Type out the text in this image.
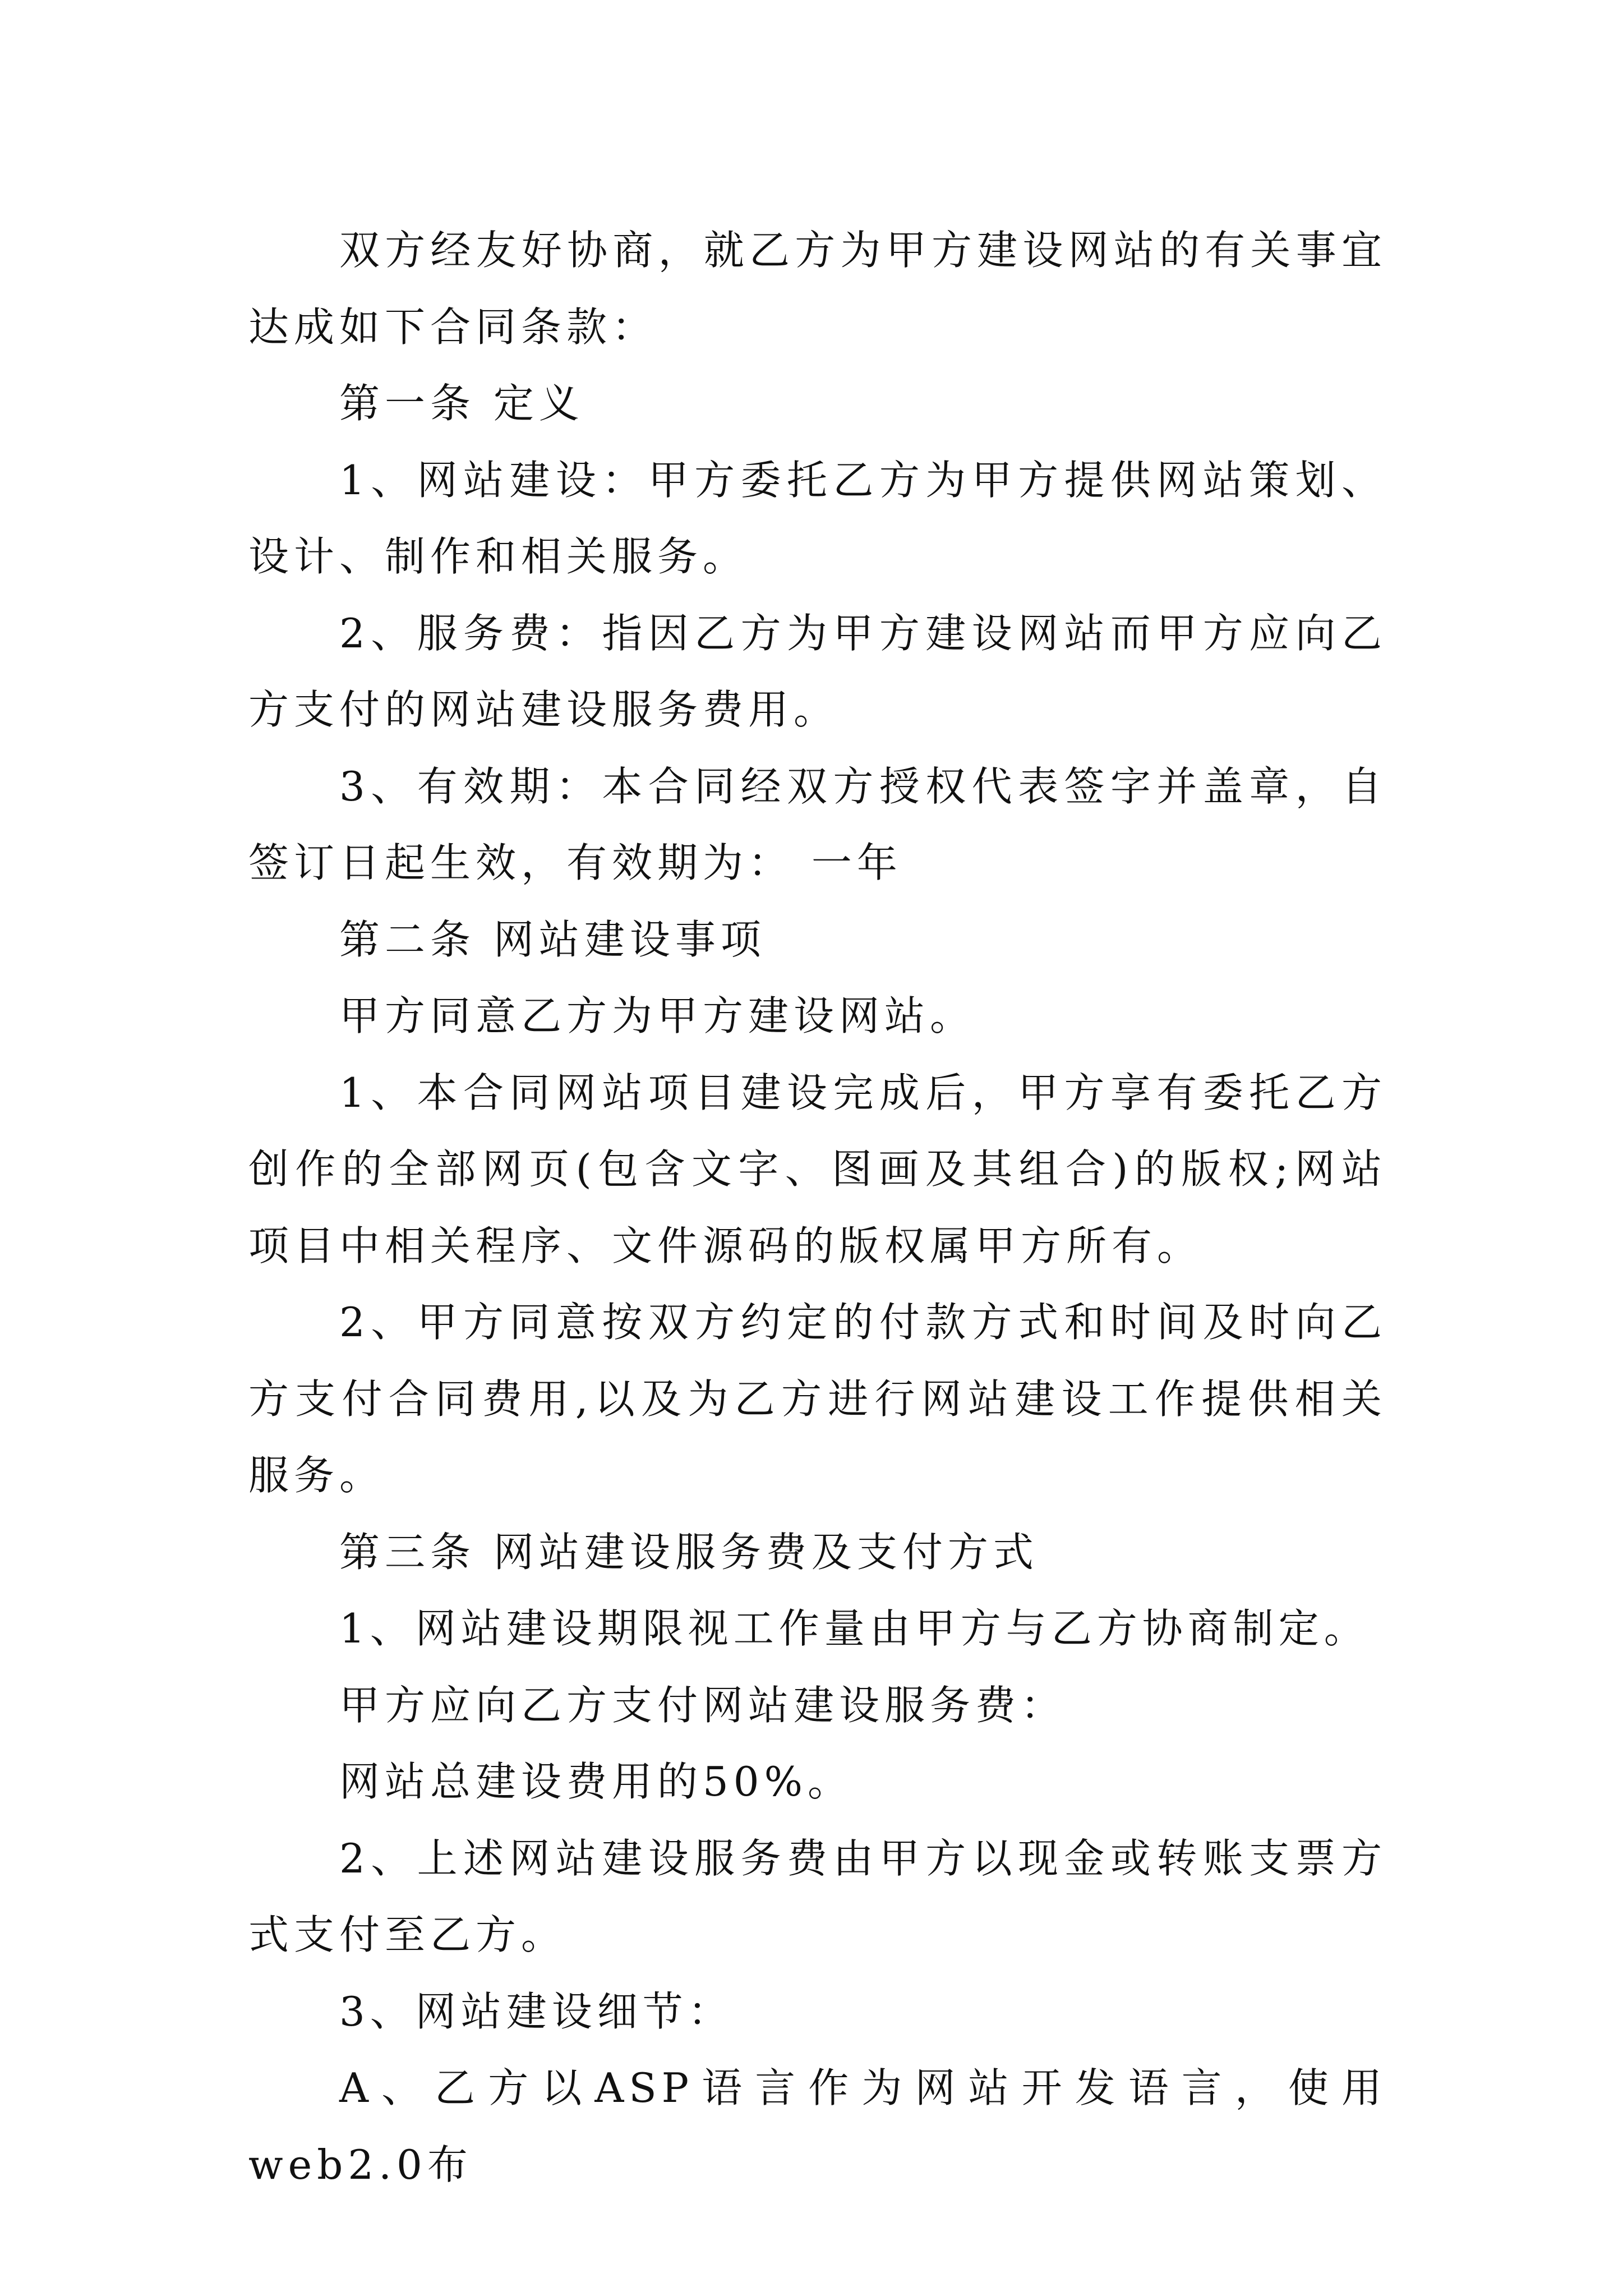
双方经友好协商，就乙方为甲方建设网站的有关事宜达成如下合同条款：

第一条 定义

1、网站建设：甲方委托乙方为甲方提供网站策划、设计、制作和相关服务。

2、服务费：指因乙方为甲方建设网站而甲方应向乙方支付的网站建设服务费用。

3、有效期：本合同经双方授权代表签字并盖章，自签订日起生效，有效期为： 一年

第二条 网站建设事项

甲方同意乙方为甲方建设网站。

1、本合同网站项目建设完成后，甲方享有委托乙方创作的全部网页(包含文字、图画及其组合)的版权;网站项目中相关程序、文件源码的版权属甲方所有。

2、甲方同意按双方约定的付款方式和时间及时向乙方支付合同费用,以及为乙方进行网站建设工作提供相关服务。

第三条 网站建设服务费及支付方式

1、网站建设期限视工作量由甲方与乙方协商制定。

甲方应向乙方支付网站建设服务费：

网站总建设费用的50%。

2、上述网站建设服务费由甲方以现金或转账支票方式支付至乙方。

3、网站建设细节：

A、乙方以ASP语言作为网站开发语言，使用web2.0布
